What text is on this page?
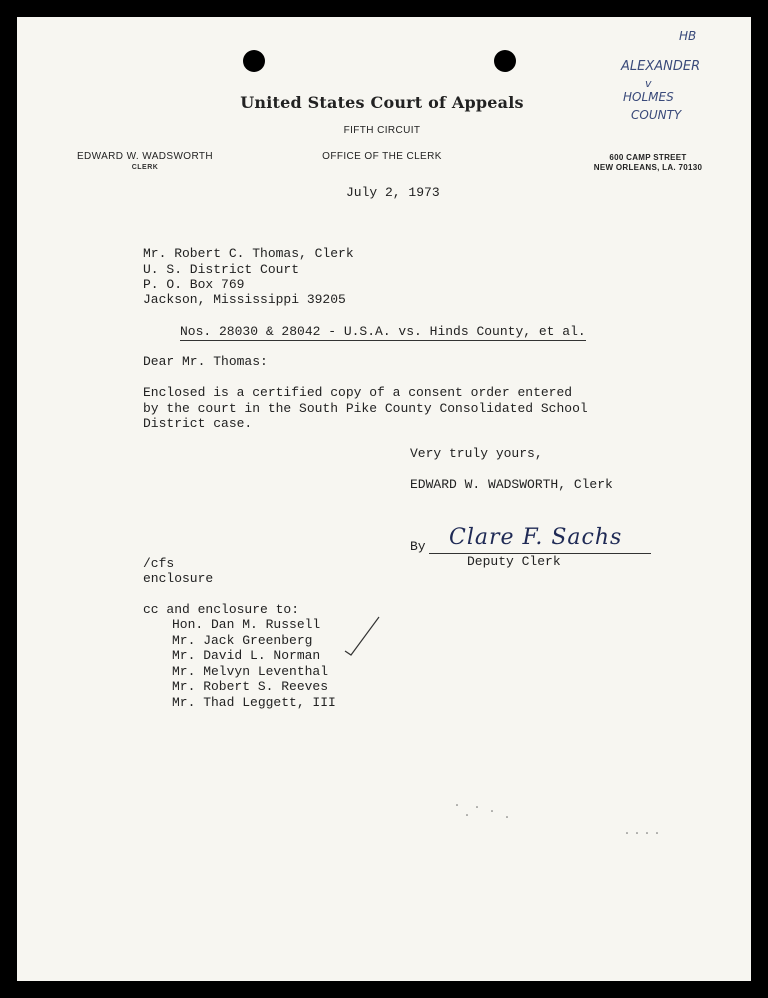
HB
ALEXANDER
v
HOLMES
COUNTY
United States Court of Appeals
FIFTH CIRCUIT
OFFICE OF THE CLERK
EDWARD W. WADSWORTH
CLERK
600 CAMP STREET
NEW ORLEANS, LA. 70130
July 2, 1973
Mr. Robert C. Thomas, Clerk
U. S. District Court
P. O. Box 769
Jackson, Mississippi 39205
Nos. 28030 & 28042 - U.S.A. vs. Hinds County, et al.
Dear Mr. Thomas:
Enclosed is a certified copy of a consent order entered
by the court in the South Pike County Consolidated School
District case.
Very truly yours,
EDWARD W. WADSWORTH, Clerk
By Clare F. Sachs
Deputy Clerk
/cfs
enclosure
cc and enclosure to:
Hon. Dan M. Russell
Mr. Jack Greenberg
Mr. David L. Norman
Mr. Melvyn Leventhal
Mr. Robert S. Reeves
Mr. Thad Leggett, III
